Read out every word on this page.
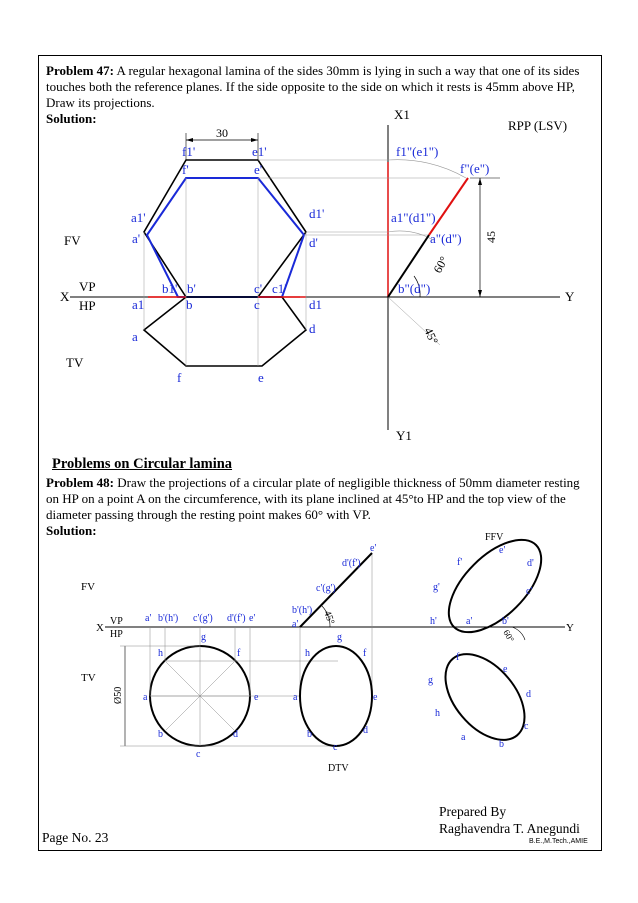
Problem 47: A regular hexagonal lamina of the sides 30mm is lying in such a way that one of its sides touches both the reference planes. If the side opposite to the side on which it rests is 45mm above HP, Draw its projections.
Solution:
X	Y
VP
HP
FV
TV
X1
Y1
RPP (LSV)
30
45
60°
45°
f1'	e1'
a1'	d1'
b1'	c1'
f'	e'
a'	d'
b'	c'
a1	b	c	d1
a
d
f	e
f1"(e1")
f"(e")
a1"(d1")
a"(d")
b"(d")
Problems on Circular lamina
Problem 48: Draw the projections of a circular plate of negligible thickness of 50mm diameter resting on HP on a point A on the circumference, with its plane inclined at 45°to HP and the top view of the diameter passing through the resting point makes 60° with VP.
Solution:
X	Y
VP
HP
FV
TV
FFV
DTV
Ø50
45°
60°
a' b'(h') c'(g') d'(f') e'
e'
d'(f')
c'(g')
b'(h')
a'
g
h	f
a	e
b	d
c
g
h	f
a	e
b	d
c
e'
f'	d'
g'	c'
h'	a'	b'
f
e
g
d
h
c
a
b
Prepared By
Raghavendra T. Anegundi
Page No. 23	B.E.,M.Tech.,AMIE
